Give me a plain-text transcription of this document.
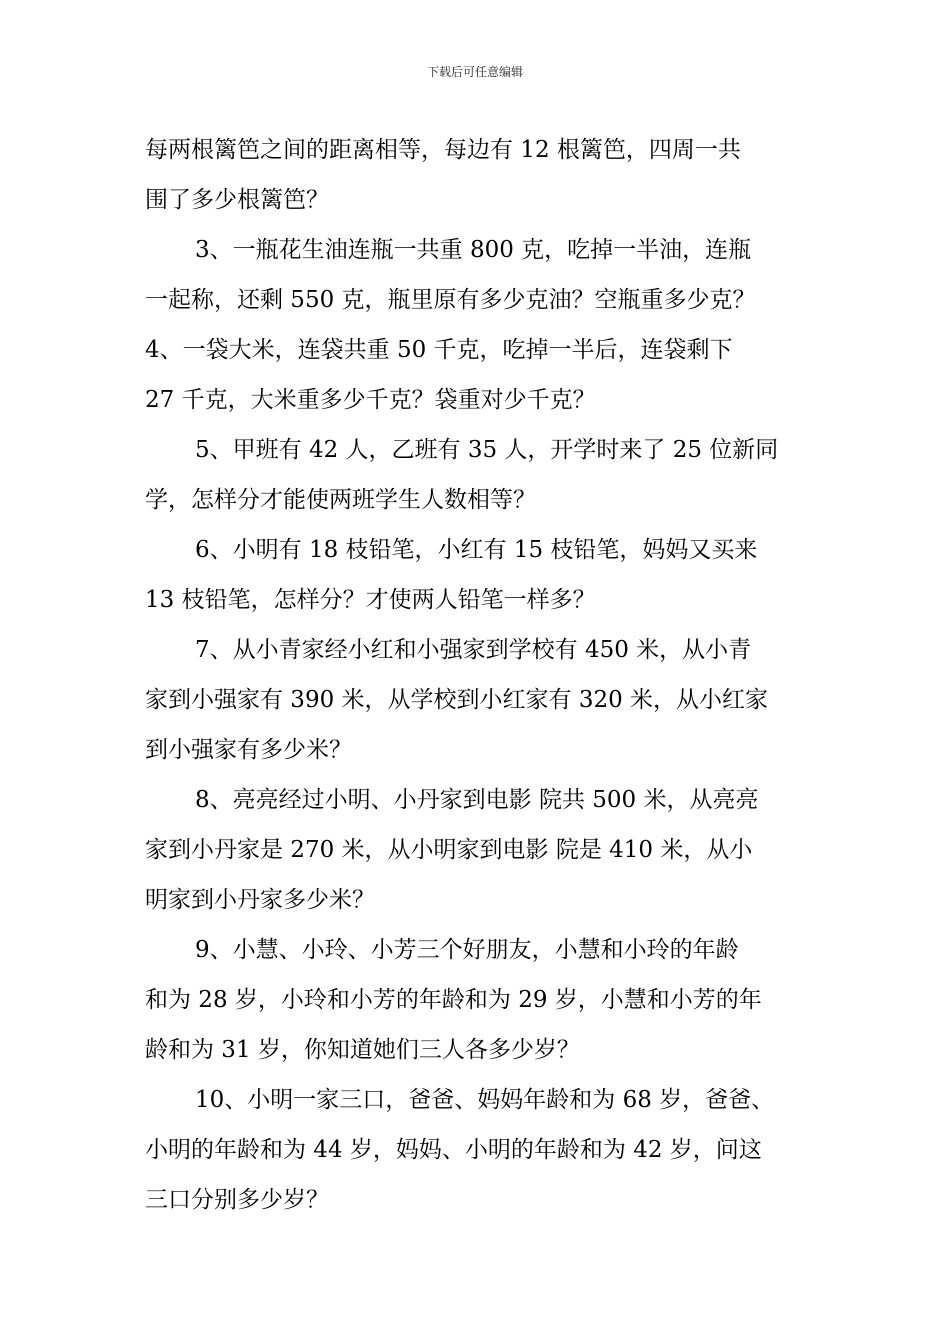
下载后可任意编辑
每两根篱笆之间的距离相等，每边有 12 根篱笆，四周一共
围了多少根篱笆？
3、一瓶花生油连瓶一共重 800 克，吃掉一半油，连瓶
一起称，还剩 550 克，瓶里原有多少克油？空瓶重多少克？
4、一袋大米，连袋共重 50 千克，吃掉一半后，连袋剩下
27 千克，大米重多少千克？袋重对少千克？
5、甲班有 42 人，乙班有 35 人，开学时来了 25 位新同
学，怎样分才能使两班学生人数相等？
6、小明有 18 枝铅笔，小红有 15 枝铅笔，妈妈又买来
13 枝铅笔，怎样分？才使两人铅笔一样多？
7、从小青家经小红和小强家到学校有 450 米，从小青
家到小强家有 390 米，从学校到小红家有 320 米，从小红家
到小强家有多少米？
8、亮亮经过小明、小丹家到电影 院共 500 米，从亮亮
家到小丹家是 270 米，从小明家到电影 院是 410 米，从小
明家到小丹家多少米？
9、小慧、小玲、小芳三个好朋友，小慧和小玲的年龄
和为 28 岁，小玲和小芳的年龄和为 29 岁，小慧和小芳的年
龄和为 31 岁，你知道她们三人各多少岁？
10、小明一家三口，爸爸、妈妈年龄和为 68 岁，爸爸、
小明的年龄和为 44 岁，妈妈、小明的年龄和为 42 岁，问这
三口分别多少岁？
